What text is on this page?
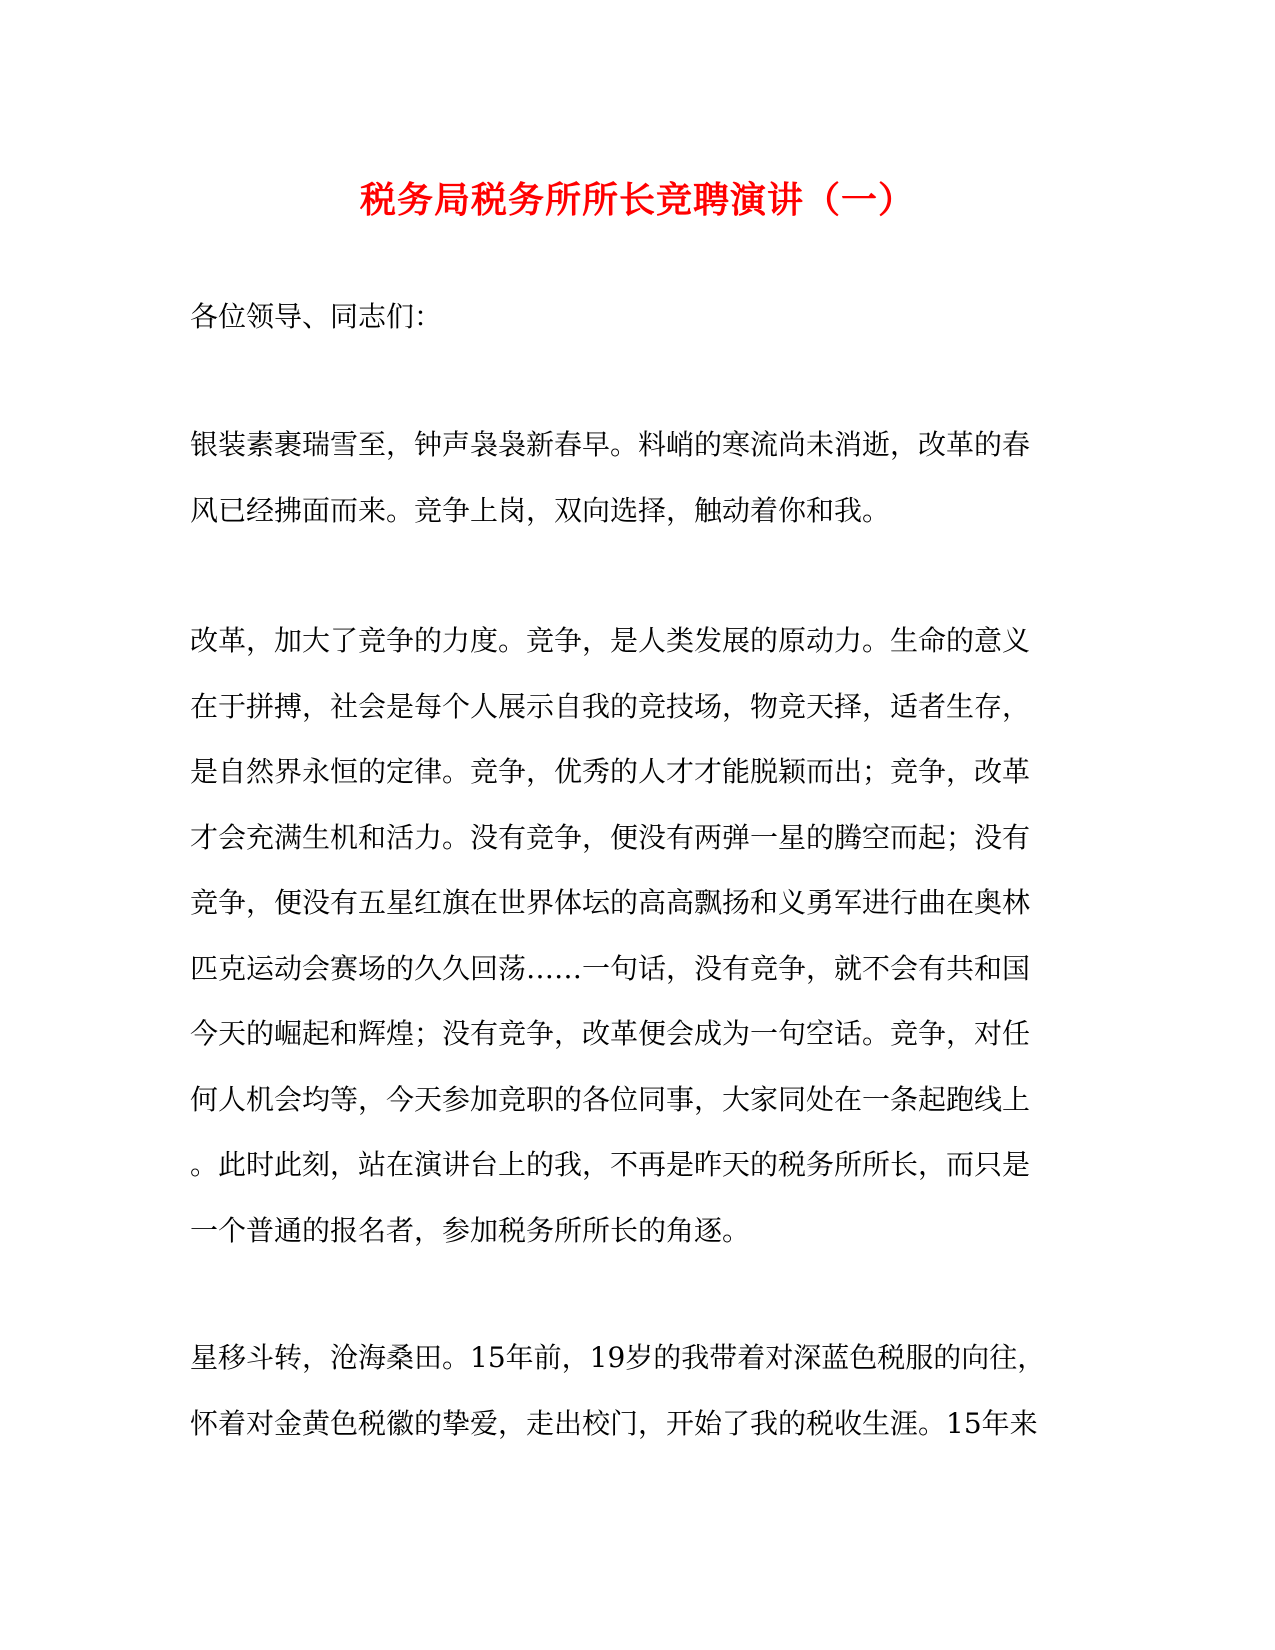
税务局税务所所长竞聘演讲（一）
各位领导、同志们：
银装素裹瑞雪至，钟声袅袅新春早。料峭的寒流尚未消逝，改革的春
风已经拂面而来。竞争上岗，双向选择，触动着你和我。
改革，加大了竞争的力度。竞争，是人类发展的原动力。生命的意义
在于拼搏，社会是每个人展示自我的竞技场，物竞天择，适者生存，
是自然界永恒的定律。竞争，优秀的人才才能脱颖而出；竞争，改革
才会充满生机和活力。没有竞争，便没有两弹一星的腾空而起；没有
竞争，便没有五星红旗在世界体坛的高高飘扬和义勇军进行曲在奥林
匹克运动会赛场的久久回荡……一句话，没有竞争，就不会有共和国
今天的崛起和辉煌；没有竞争，改革便会成为一句空话。竞争，对任
何人机会均等，今天参加竞职的各位同事，大家同处在一条起跑线上
。此时此刻，站在演讲台上的我，不再是昨天的税务所所长，而只是
一个普通的报名者，参加税务所所长的角逐。
星移斗转，沧海桑田。15年前，19岁的我带着对深蓝色税服的向往，
怀着对金黄色税徽的挚爱，走出校门，开始了我的税收生涯。15年来
